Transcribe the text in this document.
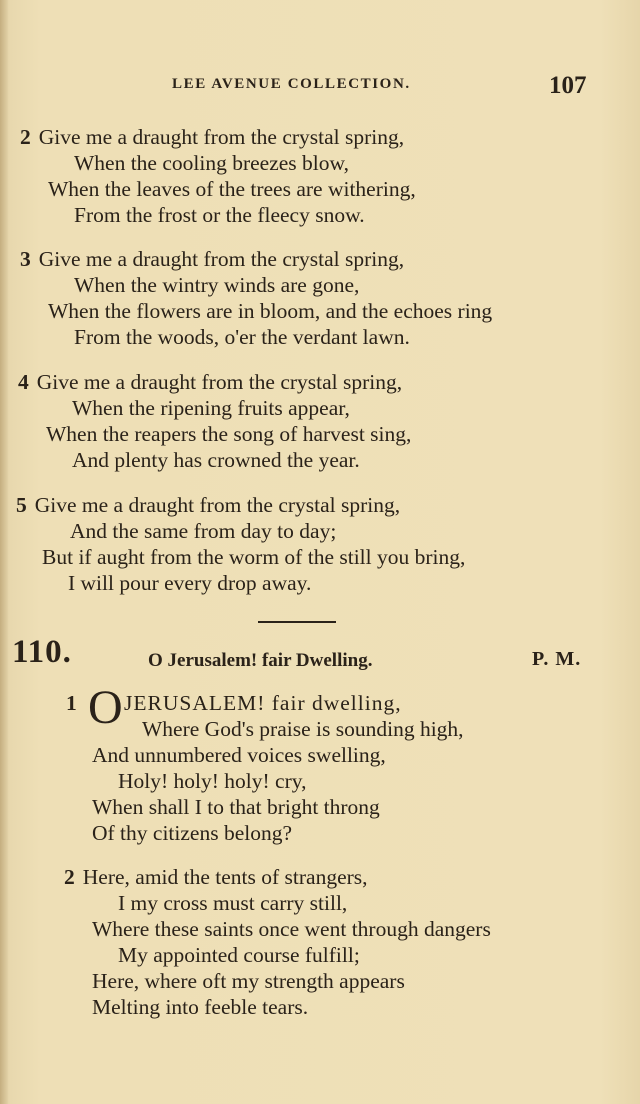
LEE AVENUE COLLECTION.	107
2 Give me a draught from the crystal spring,
When the cooling breezes blow,
When the leaves of the trees are withering,
From the frost or the fleecy snow.
3 Give me a draught from the crystal spring,
When the wintry winds are gone,
When the flowers are in bloom, and the echoes ring
From the woods, o'er the verdant lawn.
4 Give me a draught from the crystal spring,
When the ripening fruits appear,
When the reapers the song of harvest sing,
And plenty has crowned the year.
5 Give me a draught from the crystal spring,
And the same from day to day;
But if aught from the worm of the still you bring,
I will pour every drop away.
110.	O Jerusalem! fair Dwelling.	P. M.
1 O JERUSALEM! fair dwelling,
Where God's praise is sounding high,
And unnumbered voices swelling,
Holy! holy! holy! cry,
When shall I to that bright throng
Of thy citizens belong?
2 Here, amid the tents of strangers,
I my cross must carry still,
Where these saints once went through dangers
My appointed course fulfill;
Here, where oft my strength appears
Melting into feeble tears.
